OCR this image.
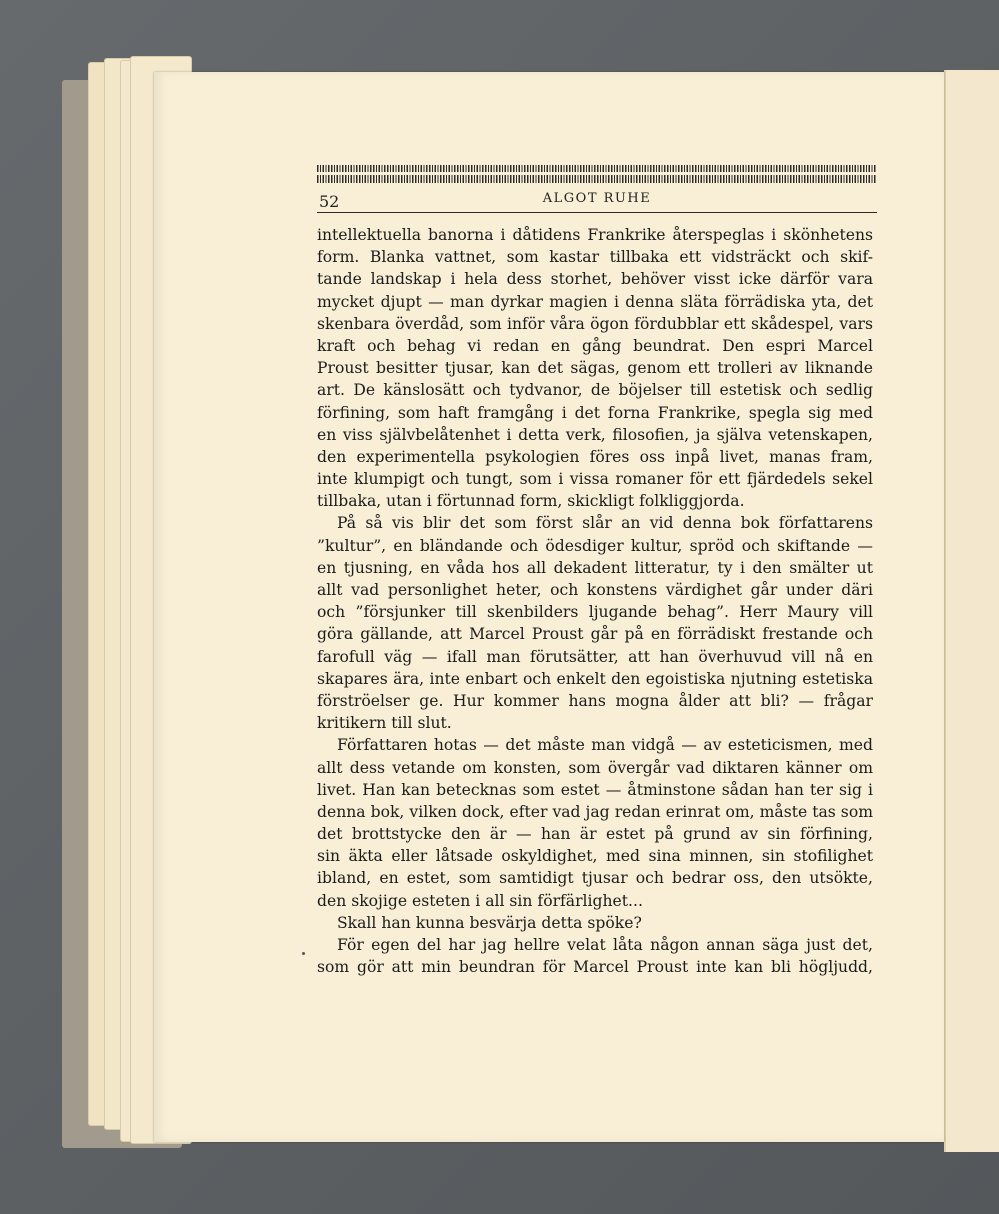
52	ALGOT RUHE
intellektuella banorna i dåtidens Frankrike återspeglas i skönhetens
form. Blanka vattnet, som kastar tillbaka ett vidsträckt och skif-
tande landskap i hela dess storhet, behöver visst icke därför vara
mycket djupt — man dyrkar magien i denna släta förrädiska yta, det
skenbara överdåd, som inför våra ögon fördubblar ett skådespel, vars
kraft och behag vi redan en gång beundrat. Den espri Marcel
Proust besitter tjusar, kan det sägas, genom ett trolleri av liknande
art. De känslosätt och tydvanor, de böjelser till estetisk och sedlig
förfining, som haft framgång i det forna Frankrike, spegla sig med
en viss självbelåtenhet i detta verk, filosofien, ja själva vetenskapen,
den experimentella psykologien föres oss inpå livet, manas fram,
inte klumpigt och tungt, som i vissa romaner för ett fjärdedels sekel
tillbaka, utan i förtunnad form, skickligt folkliggjorda.
På så vis blir det som först slår an vid denna bok författarens
”kultur”, en bländande och ödesdiger kultur, spröd och skiftande —
en tjusning, en våda hos all dekadent litteratur, ty i den smälter ut
allt vad personlighet heter, och konstens värdighet går under däri
och ”försjunker till skenbilders ljugande behag”. Herr Maury vill
göra gällande, att Marcel Proust går på en förrädiskt frestande och
farofull väg — ifall man förutsätter, att han överhuvud vill nå en
skapares ära, inte enbart och enkelt den egoistiska njutning estetiska
förströelser ge. Hur kommer hans mogna ålder att bli? — frågar
kritikern till slut.
Författaren hotas — det måste man vidgå — av esteticismen, med
allt dess vetande om konsten, som övergår vad diktaren känner om
livet. Han kan betecknas som estet — åtminstone sådan han ter sig i
denna bok, vilken dock, efter vad jag redan erinrat om, måste tas som
det brottstycke den är — han är estet på grund av sin förfining,
sin äkta eller låtsade oskyldighet, med sina minnen, sin stofilighet
ibland, en estet, som samtidigt tjusar och bedrar oss, den utsökte,
den skojige esteten i all sin förfärlighet...
Skall han kunna besvärja detta spöke?
För egen del har jag hellre velat låta någon annan säga just det,
som gör att min beundran för Marcel Proust inte kan bli högljudd,
